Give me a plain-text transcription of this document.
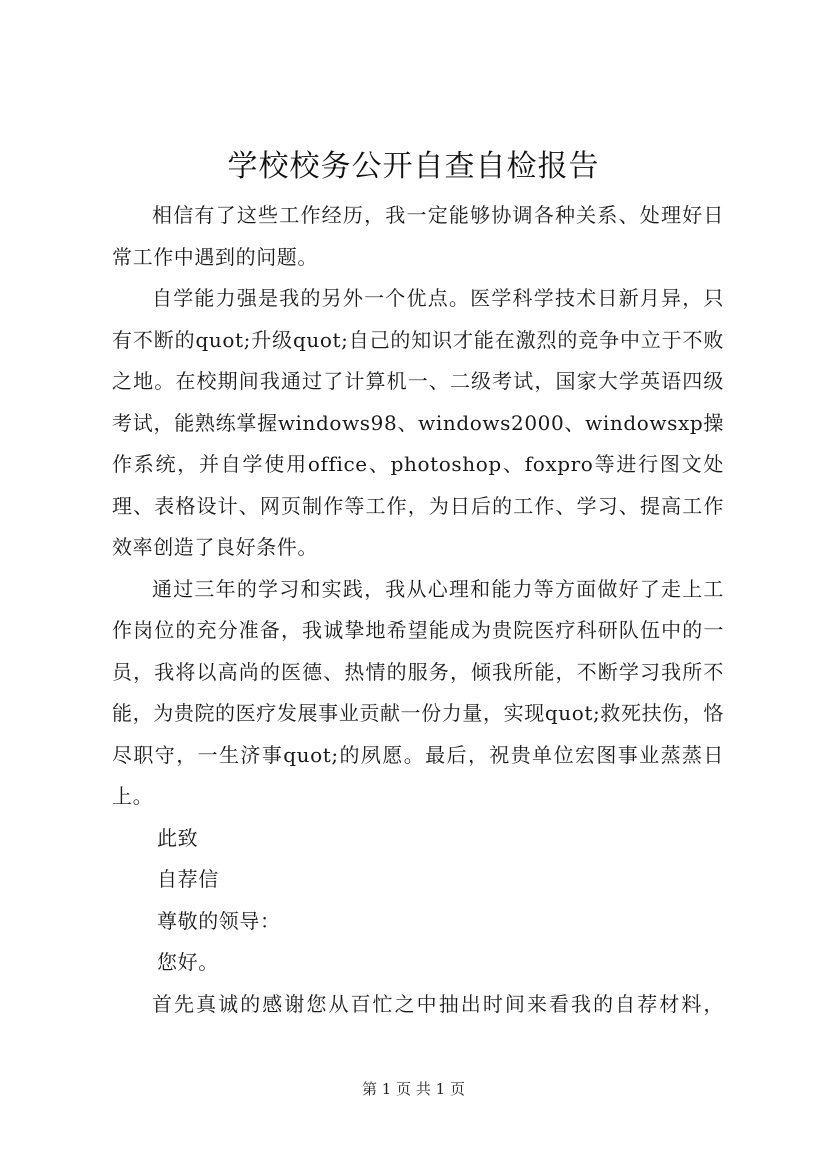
学校校务公开自查自检报告

相信有了这些工作经历，我一定能够协调各种关系、处理好日常工作中遇到的问题。

自学能力强是我的另外一个优点。医学科学技术日新月异，只有不断的quot;升级quot;自己的知识才能在激烈的竞争中立于不败之地。在校期间我通过了计算机一、二级考试，国家大学英语四级考试，能熟练掌握windows98、windows2000、windowsxp操作系统，并自学使用office、photoshop、foxpro等进行图文处理、表格设计、网页制作等工作，为日后的工作、学习、提高工作效率创造了良好条件。

通过三年的学习和实践，我从心理和能力等方面做好了走上工作岗位的充分准备，我诚挚地希望能成为贵院医疗科研队伍中的一员，我将以高尚的医德、热情的服务，倾我所能，不断学习我所不能，为贵院的医疗发展事业贡献一份力量，实现quot;救死扶伤，恪尽职守，一生济事quot;的夙愿。最后，祝贵单位宏图事业蒸蒸日上。

此致

自荐信

尊敬的领导：

您好。

首先真诚的感谢您从百忙之中抽出时间来看我的自荐材料，

第 1 页 共 1 页
